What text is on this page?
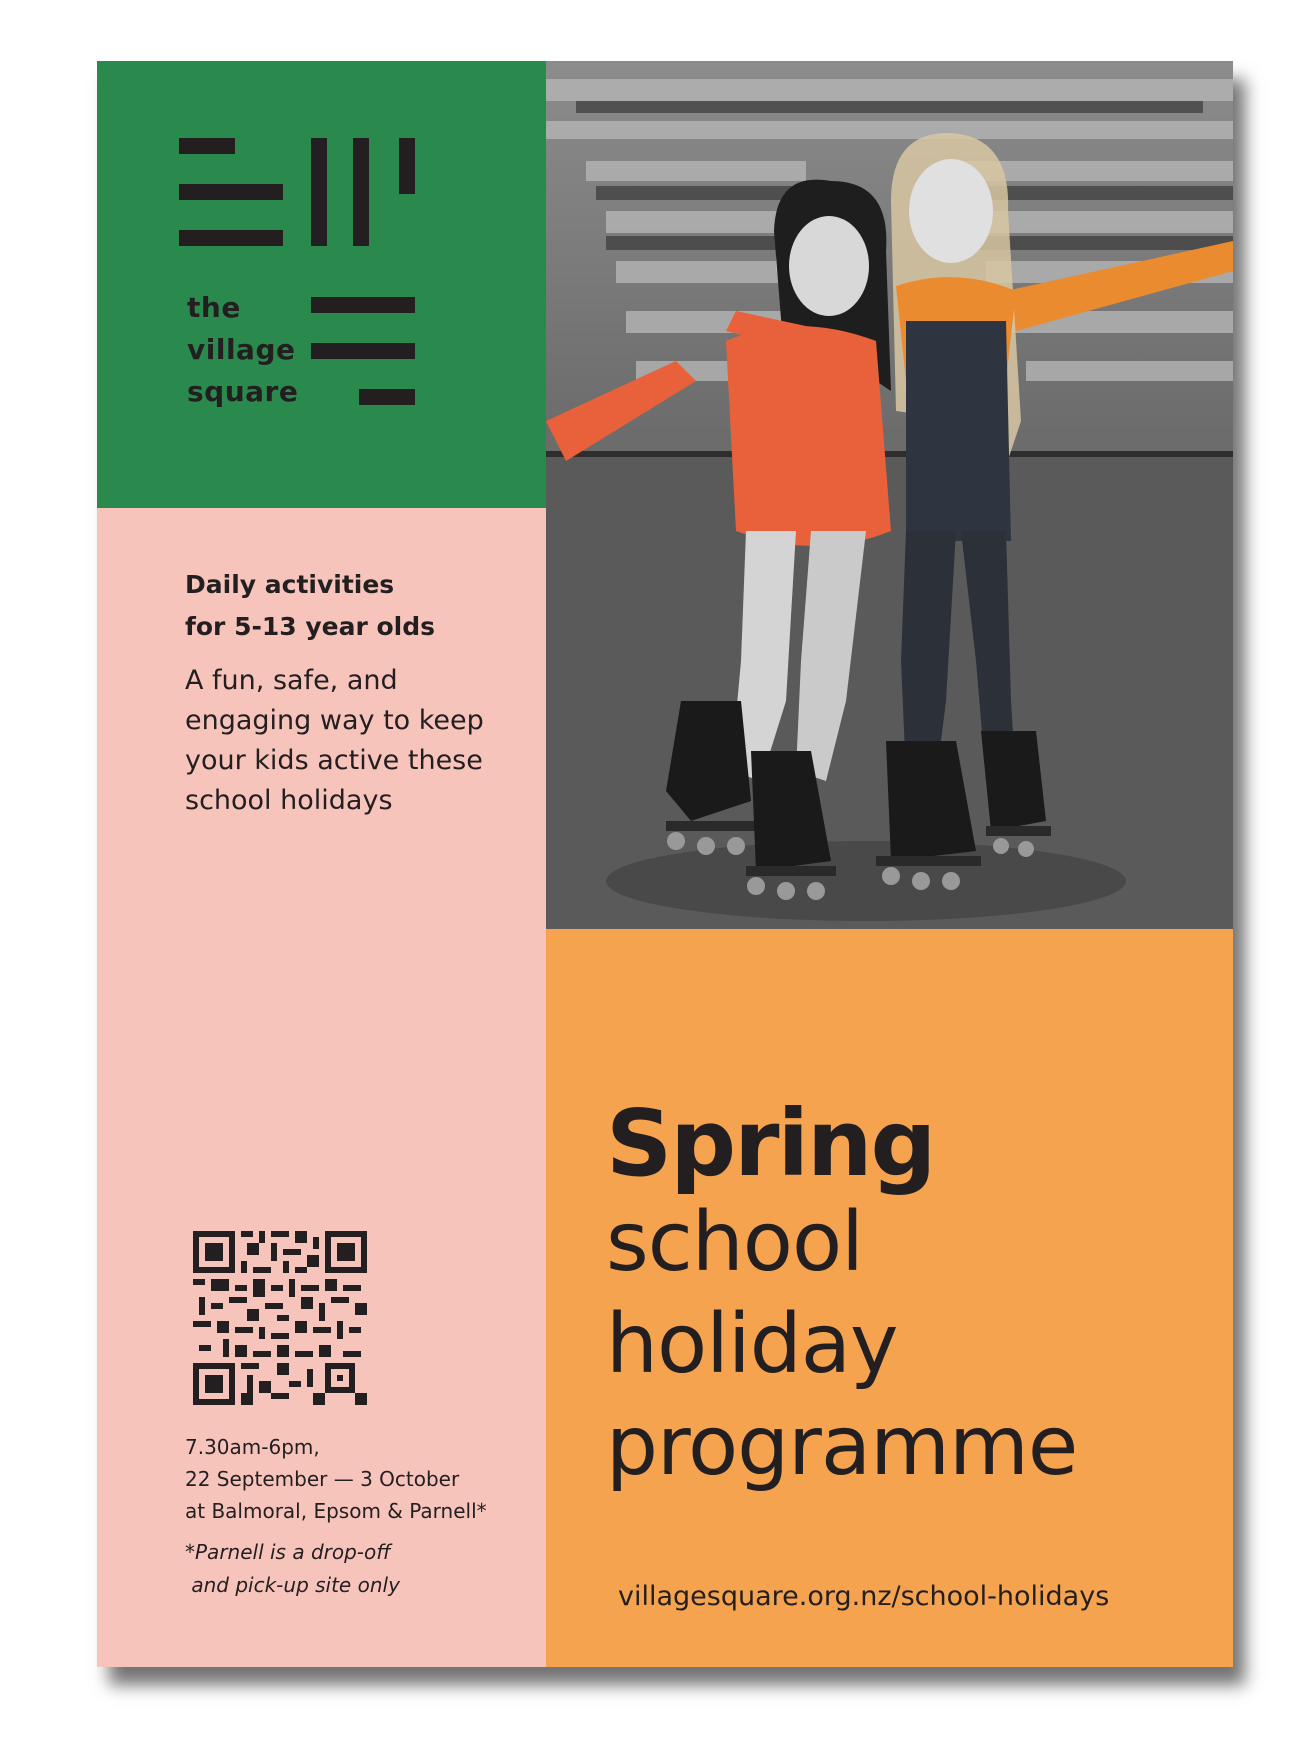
the
village
square
Daily activities
for 5-13 year olds
A fun, safe, and
engaging way to keep
your kids active these
school holidays
7.30am-6pm,
22 September — 3 October
at Balmoral, Epsom & Parnell*
*Parnell is a drop-off
and pick-up site only
Spring
school
holiday
programme
villagesquare.org.nz/school-holidays
